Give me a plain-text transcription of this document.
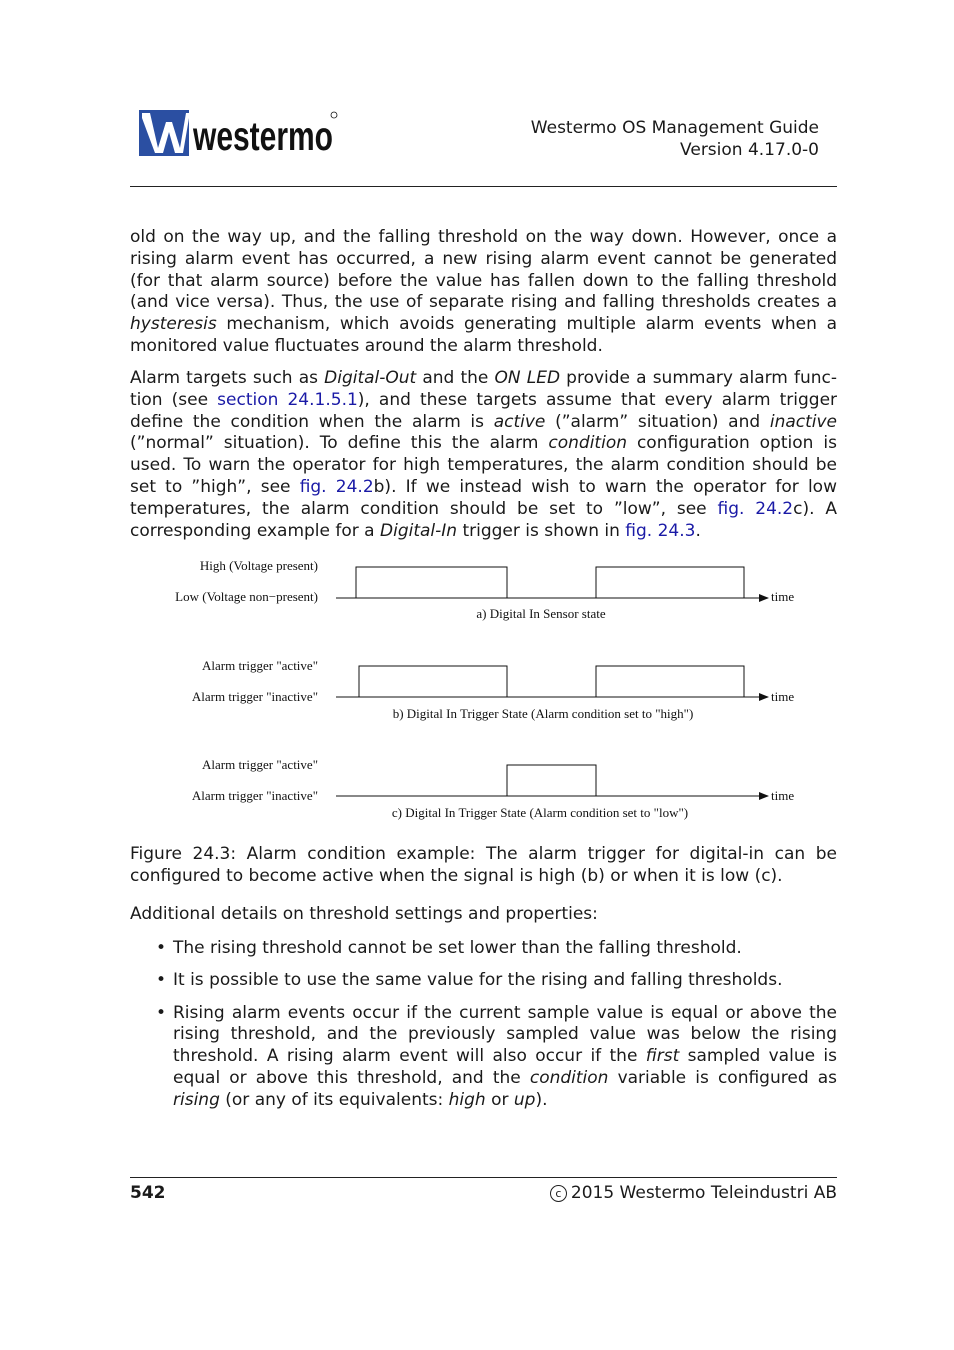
westermo	Westermo OS Management Guide
Version 4.17.0-0

old on the way up, and the falling threshold on the way down. However, once a rising alarm event has occurred, a new rising alarm event cannot be generated (for that alarm source) before the value has fallen down to the falling threshold (and vice versa). Thus, the use of separate rising and falling thresholds creates a hysteresis mechanism, which avoids generating multiple alarm events when a monitored value fluctuates around the alarm threshold.

Alarm targets such as Digital-Out and the ON LED provide a summary alarm func-tion (see section 24.1.5.1), and these targets assume that every alarm trigger define the condition when the alarm is active (”alarm” situation) and inactive (”normal” situation). To define this the alarm condition configuration option is used. To warn the operator for high temperatures, the alarm condition should be set to ”high”, see fig. 24.2b). If we instead wish to warn the operator for low temperatures, the alarm condition should be set to ”low”, see fig. 24.2c). A corresponding example for a Digital-In trigger is shown in fig. 24.3.

High (Voltage present)
Low (Voltage non−present)	time
a) Digital In Sensor state
Alarm trigger "active"
Alarm trigger "inactive"	time
b) Digital In Trigger State (Alarm condition set to "high")
Alarm trigger "active"
Alarm trigger "inactive"	time
c) Digital In Trigger State (Alarm condition set to "low")

Figure 24.3: Alarm condition example: The alarm trigger for digital-in can be configured to become active when the signal is high (b) or when it is low (c).

Additional details on threshold settings and properties:

• The rising threshold cannot be set lower than the falling threshold.
• It is possible to use the same value for the rising and falling thresholds.
• Rising alarm events occur if the current sample value is equal or above the rising threshold, and the previously sampled value was below the rising threshold. A rising alarm event will also occur if the first sampled value is equal or above this threshold, and the condition variable is configured as rising (or any of its equivalents: high or up).
542	c 2015 Westermo Teleindustri AB
